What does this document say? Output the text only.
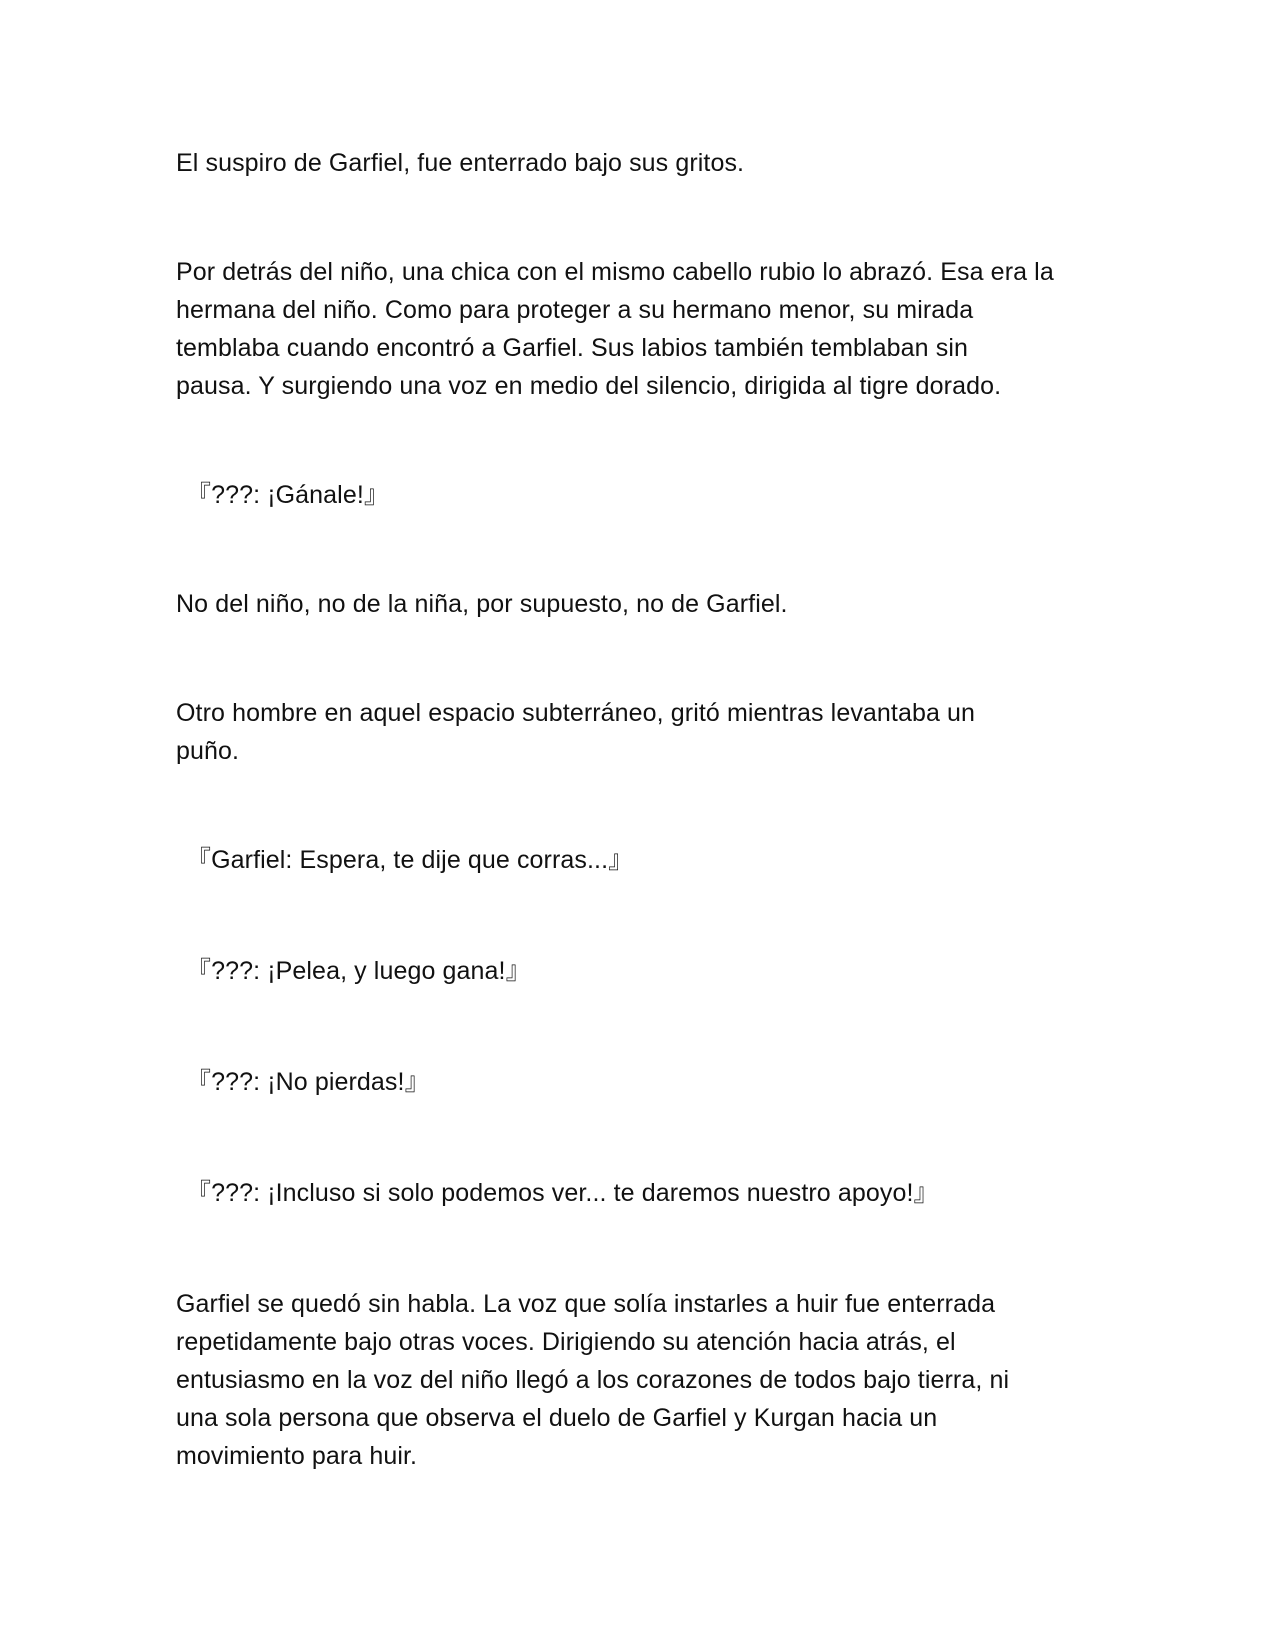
El suspiro de Garfiel, fue enterrado bajo sus gritos.

Por detrás del niño, una chica con el mismo cabello rubio lo abrazó. Esa era la
hermana del niño. Como para proteger a su hermano menor, su mirada
temblaba cuando encontró a Garfiel. Sus labios también temblaban sin
pausa. Y surgiendo una voz en medio del silencio, dirigida al tigre dorado.

『???: ¡Gánale!』

No del niño, no de la niña, por supuesto, no de Garfiel.

Otro hombre en aquel espacio subterráneo, gritó mientras levantaba un
puño.

『Garfiel: Espera, te dije que corras...』

『???: ¡Pelea, y luego gana!』

『???: ¡No pierdas!』

『???: ¡Incluso si solo podemos ver... te daremos nuestro apoyo!』

Garfiel se quedó sin habla. La voz que solía instarles a huir fue enterrada
repetidamente bajo otras voces. Dirigiendo su atención hacia atrás, el
entusiasmo en la voz del niño llegó a los corazones de todos bajo tierra, ni
una sola persona que observa el duelo de Garfiel y Kurgan hacia un
movimiento para huir.
